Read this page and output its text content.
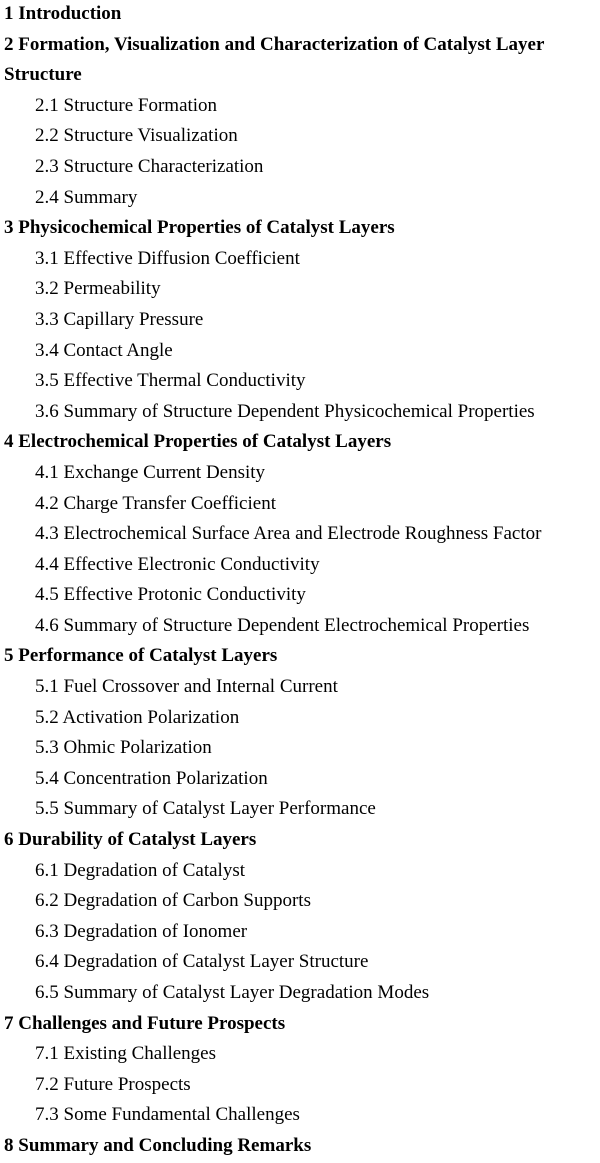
1 Introduction
2 Formation, Visualization and Characterization of Catalyst Layer
Structure
2.1 Structure Formation
2.2 Structure Visualization
2.3 Structure Characterization
2.4 Summary
3 Physicochemical Properties of Catalyst Layers
3.1 Effective Diffusion Coefficient
3.2 Permeability
3.3 Capillary Pressure
3.4 Contact Angle
3.5 Effective Thermal Conductivity
3.6 Summary of Structure Dependent Physicochemical Properties
4 Electrochemical Properties of Catalyst Layers
4.1 Exchange Current Density
4.2 Charge Transfer Coefficient
4.3 Electrochemical Surface Area and Electrode Roughness Factor
4.4 Effective Electronic Conductivity
4.5 Effective Protonic Conductivity
4.6 Summary of Structure Dependent Electrochemical Properties
5 Performance of Catalyst Layers
5.1 Fuel Crossover and Internal Current
5.2 Activation Polarization
5.3 Ohmic Polarization
5.4 Concentration Polarization
5.5 Summary of Catalyst Layer Performance
6 Durability of Catalyst Layers
6.1 Degradation of Catalyst
6.2 Degradation of Carbon Supports
6.3 Degradation of Ionomer
6.4 Degradation of Catalyst Layer Structure
6.5 Summary of Catalyst Layer Degradation Modes
7 Challenges and Future Prospects
7.1 Existing Challenges
7.2 Future Prospects
7.3 Some Fundamental Challenges
8 Summary and Concluding Remarks
